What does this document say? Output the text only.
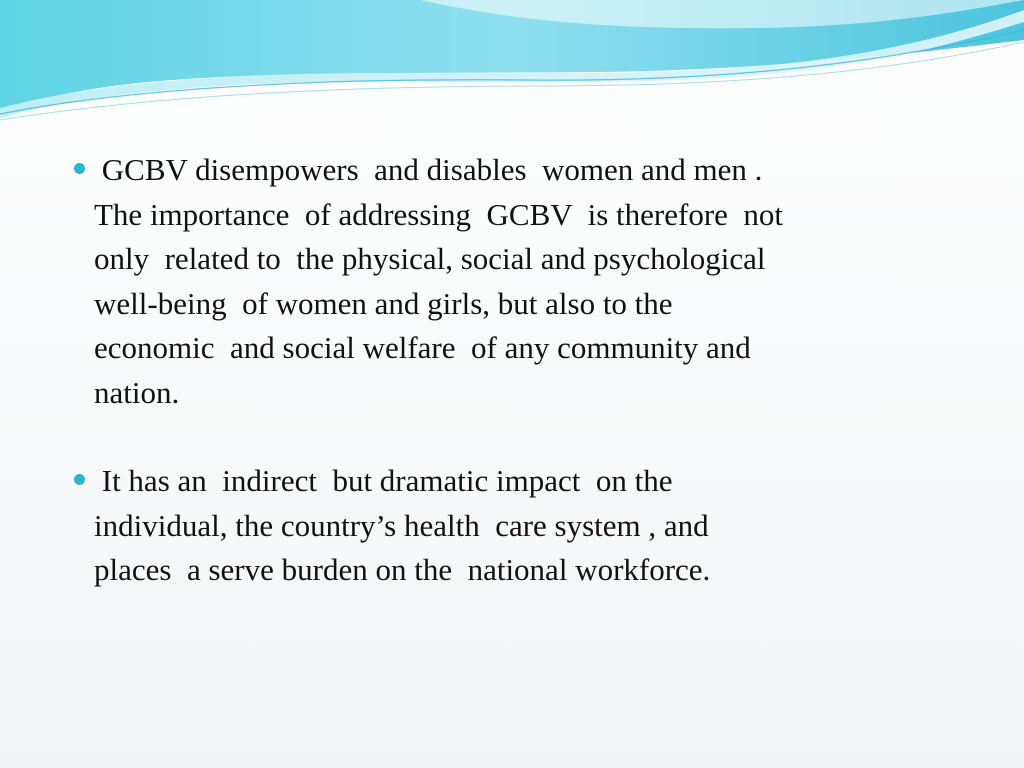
GCBV disempowers  and disables  women and men .
The importance  of addressing  GCBV  is therefore  not
only  related to  the physical, social and psychological
well-being  of women and girls, but also to the
economic  and social welfare  of any community and
nation.
It has an  indirect  but dramatic impact  on the
individual, the country’s health  care system , and
places  a serve burden on the  national workforce.
